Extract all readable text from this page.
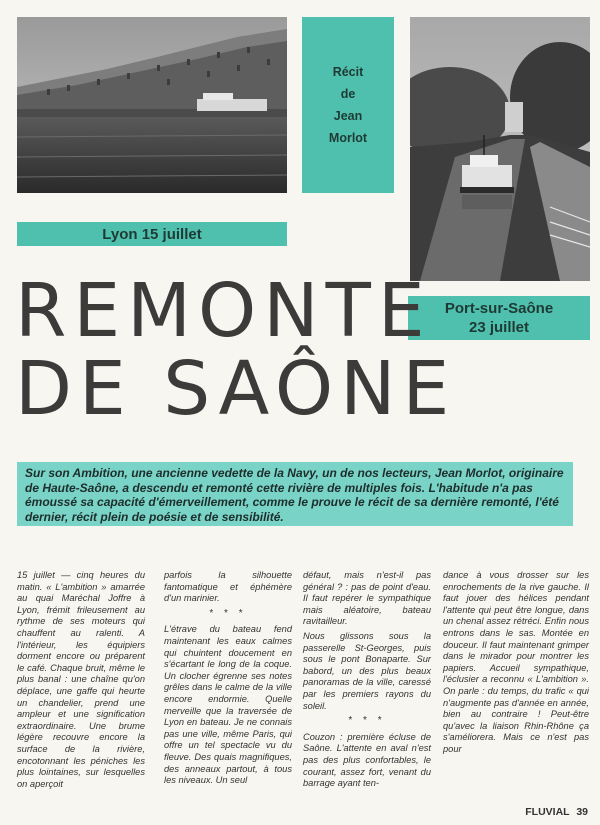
Récit
de
Jean
Morlot
Lyon 15 juillet
Port-sur-Saône
23 juillet
REMONTE
DE SAÔNE
Sur son Ambition, une ancienne vedette de la Navy, un de nos lecteurs, Jean Morlot, originaire de Haute-Saône, a descendu et remonté cette rivière de multiples fois. L'habitude n'a pas émoussé sa capacité d'émerveillement, comme le prouve le récit de sa dernière remonté, l'été dernier, récit plein de poésie et de sensibilité.

15 juillet — cinq heures du matin. « L'ambition » amarrée au quai Maréchal Joffre à Lyon, frémit frileusement au rythme de ses moteurs qui chauffent au ralenti. A l'intérieur, les équipiers dorment encore ou préparent le café. Chaque bruit, même le plus banal : une chaîne qu'on déplace, une gaffe qui heurte un chandelier, prend une ampleur et une signification extraordinaire. Une brume légère recouvre encore la surface de la rivière, encotonnant les péniches les plus lointaines, sur lesquelles on aperçoit

parfois la silhouette fantomatique et éphémère d'un marinier.

* * *

L'étrave du bateau fend maintenant les eaux calmes qui chuintent doucement en s'écartant le long de la coque. Un clocher égrenne ses notes grêles dans le calme de la ville encore endormie. Quelle merveille que la traversée de Lyon en bateau. Je ne connais pas une ville, même Paris, qui offre un tel spectacle vu du fleuve. Des quais magnifiques, des anneaux partout, à tous les niveaux. Un seul

défaut, mais n'est-il pas général ? : pas de point d'eau. Il faut repérer le sympathique mais aléatoire, bateau ravitailleur.

Nous glissons sous la passerelle St-Georges, puis sous le pont Bonaparte. Sur babord, un des plus beaux panoramas de la ville, caressé par les premiers rayons du soleil.

* * *

Couzon : première écluse de Saône. L'attente en aval n'est pas des plus confortables, le courant, assez fort, venant du barrage ayant ten-

dance à vous drosser sur les enrochements de la rive gauche. Il faut jouer des hélices pendant l'attente qui peut être longue, dans un chenal assez rétréci. Enfin nous entrons dans le sas. Montée en douceur. Il faut maintenant grimper dans le mirador pour montrer les papiers. Accueil sympathique, l'éclusier a reconnu « L'ambition ». On parle : du temps, du trafic « qui n'augmente pas d'année en année, bien au contraire ! Peut-être qu'avec la liaison Rhin-Rhône ça s'améliorera. Mais ce n'est pas pour

FLUVIAL 39
